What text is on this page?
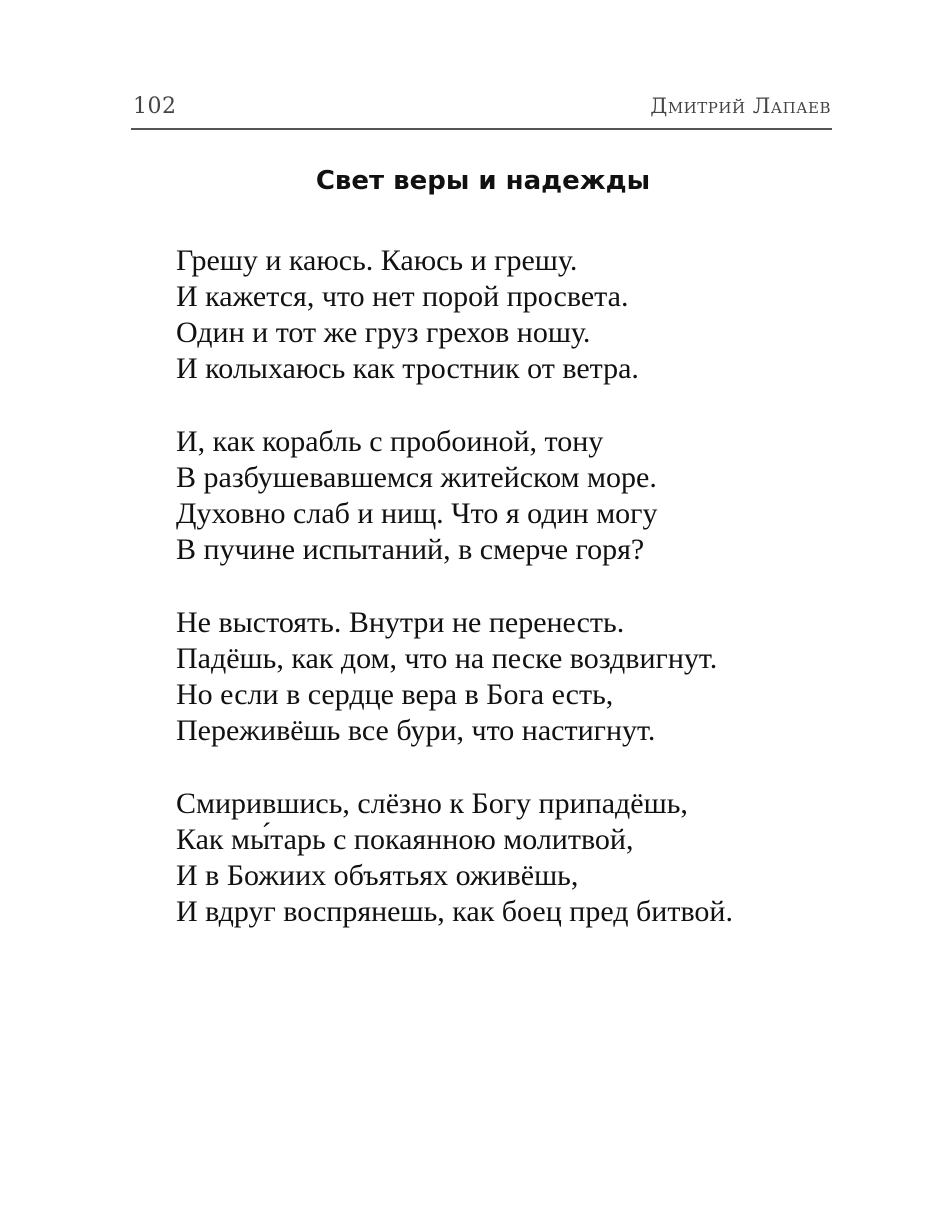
102	Дмитрий Лапаев
Свет веры и надежды
Грешу и каюсь. Каюсь и грешу.
И кажется, что нет порой просвета.
Один и тот же груз грехов ношу.
И колыхаюсь как тростник от ветра.
И, как корабль с пробоиной, тону
В разбушевавшемся житейском море.
Духовно слаб и нищ. Что я один могу
В пучине испытаний, в смерче горя?
Не выстоять. Внутри не перенесть.
Падёшь, как дом, что на песке воздвигнут.
Но если в сердце вера в Бога есть,
Переживёшь все бури, что настигнут.
Смирившись, слёзно к Богу припадёшь,
Как мы́тарь с покаянною молитвой,
И в Божиих объятьях оживёшь,
И вдруг воспрянешь, как боец пред битвой.
